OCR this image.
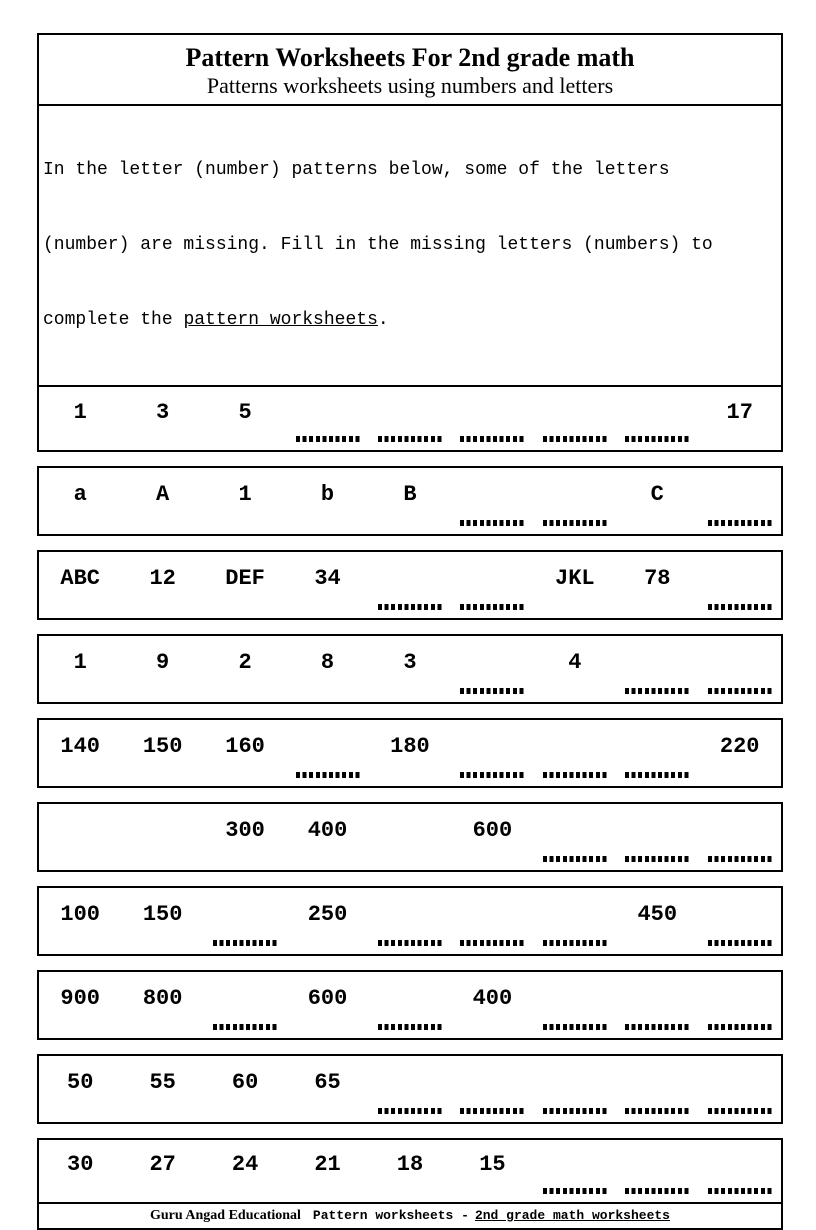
Pattern Worksheets For 2nd grade math
Patterns worksheets using numbers and letters

In the letter (number) patterns below, some of the letters

(number) are missing. Fill in the missing letters (numbers) to

complete the pattern worksheets.

1	3	5	17
a	A	1	b	B	C
ABC 12 DEF 34	JKL 78
1	9	2	8	3	4
140 150 160	180	220
300 400	600
100 150	250	450
900 800	600	400
50	55	60	65
30	27	24	21	18	15
Guru Angad Educational Pattern worksheets - 2nd grade math worksheets
